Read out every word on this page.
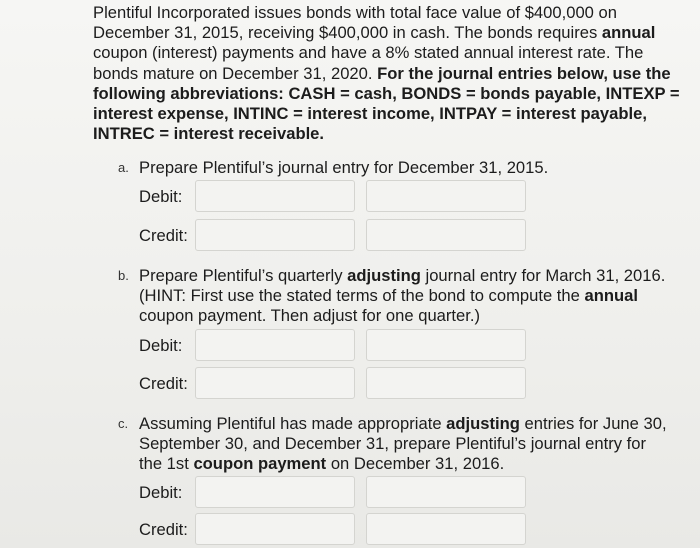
Plentiful Incorporated issues bonds with total face value of $400,000 on December 31, 2015, receiving $400,000 in cash. The bonds requires annual coupon (interest) payments and have a 8% stated annual interest rate. The bonds mature on December 31, 2020. For the journal entries below, use the following abbreviations: CASH = cash, BONDS = bonds payable, INTEXP = interest expense, INTINC = interest income, INTPAY = interest payable, INTREC = interest receivable.
a. Prepare Plentiful’s journal entry for December 31, 2015.
Debit:
Credit:
b. Prepare Plentiful’s quarterly adjusting journal entry for March 31, 2016. (HINT: First use the stated terms of the bond to compute the annual coupon payment. Then adjust for one quarter.)
Debit:
Credit:
c. Assuming Plentiful has made appropriate adjusting entries for June 30, September 30, and December 31, prepare Plentiful’s journal entry for the 1st coupon payment on December 31, 2016.
Debit:
Credit:
